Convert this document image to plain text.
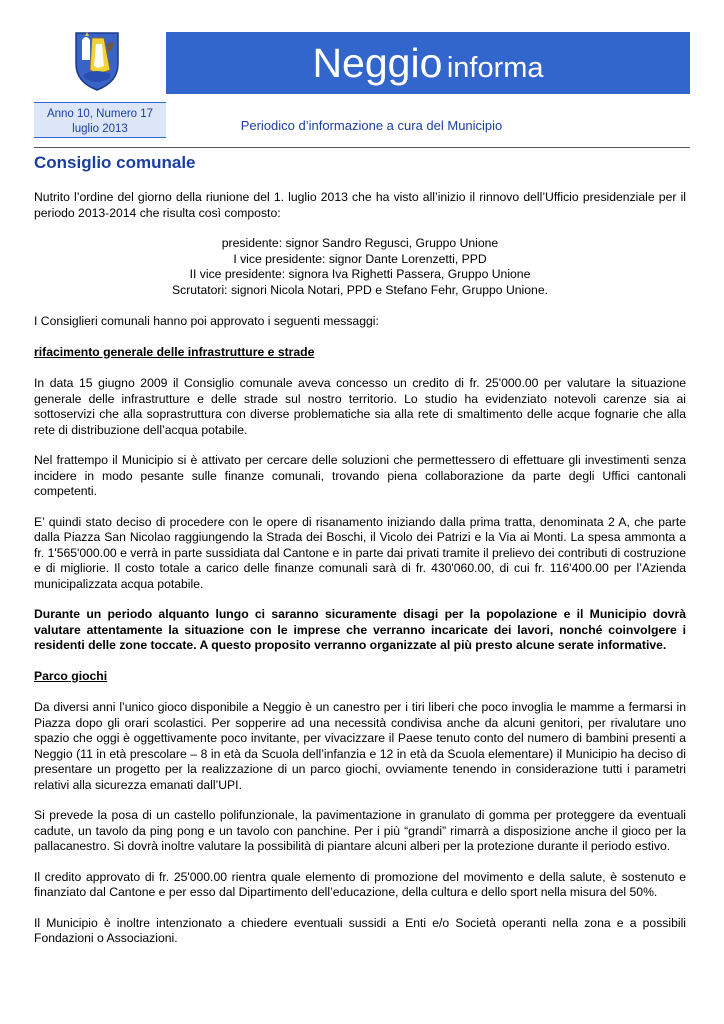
Neggio informa
Anno 10, Numero 17
luglio 2013	Periodico d’informazione a cura del Municipio
Consiglio comunale

Nutrito l’ordine del giorno della riunione del 1. luglio 2013 che ha visto all’inizio il rinnovo dell’Ufficio presidenziale per il periodo 2013-2014 che risulta così composto:

presidente: signor Sandro Regusci, Gruppo Unione
I vice presidente: signor Dante Lorenzetti, PPD
II vice presidente: signora Iva Righetti Passera, Gruppo Unione
Scrutatori: signori Nicola Notari, PPD e Stefano Fehr, Gruppo Unione.

I Consiglieri comunali hanno poi approvato i seguenti messaggi:

rifacimento generale delle infrastrutture e strade

In data 15 giugno 2009 il Consiglio comunale aveva concesso un credito di fr. 25'000.00 per valutare la situazione generale delle infrastrutture e delle strade sul nostro territorio. Lo studio ha evidenziato notevoli carenze sia ai sottoservizi che alla soprastruttura con diverse problematiche sia alla rete di smaltimento delle acque fognarie che alla rete di distribuzione dell’acqua potabile.

Nel frattempo il Municipio si è attivato per cercare delle soluzioni che permettessero di effettuare gli investimenti senza incidere in modo pesante sulle finanze comunali, trovando piena collaborazione da parte degli Uffici cantonali competenti.

E’ quindi stato deciso di procedere con le opere di risanamento iniziando dalla prima tratta, denominata 2 A, che parte dalla Piazza San Nicolao raggiungendo la Strada dei Boschi, il Vicolo dei Patrizi e la Via ai Monti. La spesa ammonta a fr. 1'565'000.00 e verrà in parte sussidiata dal Cantone e in parte dai privati tramite il prelievo dei contributi di costruzione e di migliorie. Il costo totale a carico delle finanze comunali sarà di fr. 430'060.00, di cui fr. 116'400.00 per l’Azienda municipalizzata acqua potabile.

Durante un periodo alquanto lungo ci saranno sicuramente disagi per la popolazione e il Municipio dovrà valutare attentamente la situazione con le imprese che verranno incaricate dei lavori, nonché coinvolgere i residenti delle zone toccate. A questo proposito verranno organizzate al più presto alcune serate informative.

Parco giochi

Da diversi anni l’unico gioco disponibile a Neggio è un canestro per i tiri liberi che poco invoglia le mamme a fermarsi in Piazza dopo gli orari scolastici. Per sopperire ad una necessità condivisa anche da alcuni genitori, per rivalutare uno spazio che oggi è oggettivamente poco invitante, per vivacizzare il Paese tenuto conto del numero di bambini presenti a Neggio (11 in età prescolare – 8 in età da Scuola dell’infanzia e 12 in età da Scuola elementare) il Municipio ha deciso di presentare un progetto per la realizzazione di un parco giochi, ovviamente tenendo in considerazione tutti i parametri relativi alla sicurezza emanati dall’UPI.

Si prevede la posa di un castello polifunzionale, la pavimentazione in granulato di gomma per proteggere da eventuali cadute, un tavolo da ping pong e un tavolo con panchine. Per i più “grandi” rimarrà a disposizione anche il gioco per la pallacanestro. Si dovrà inoltre valutare la possibilità di piantare alcuni alberi per la protezione durante il periodo estivo.

Il credito approvato di fr. 25'000.00 rientra quale elemento di promozione del movimento e della salute, è sostenuto e finanziato dal Cantone e per esso dal Dipartimento dell’educazione, della cultura e dello sport nella misura del 50%.

Il Municipio è inoltre intenzionato a chiedere eventuali sussidi a Enti e/o Società operanti nella zona e a possibili Fondazioni o Associazioni.
